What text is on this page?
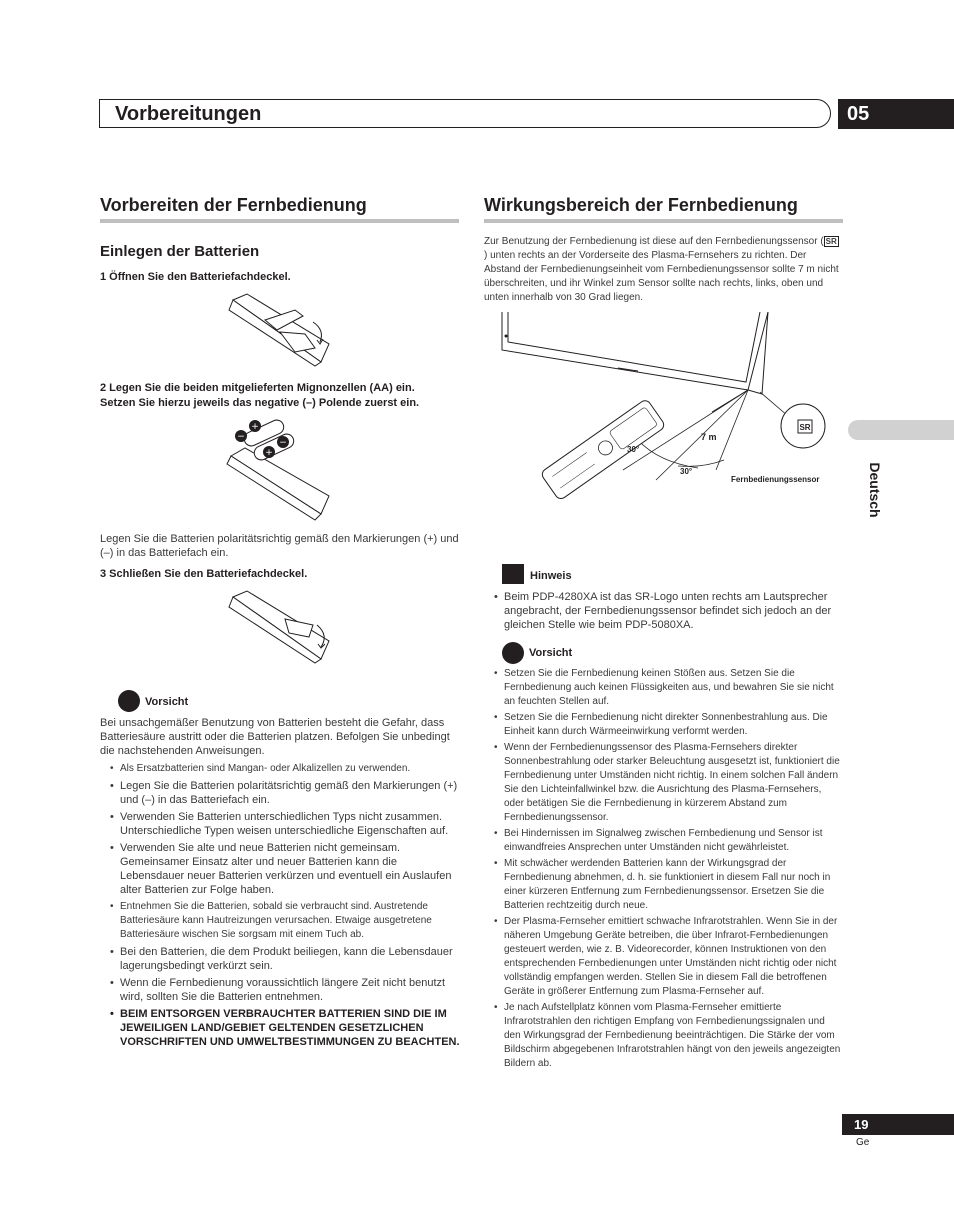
Vorbereitungen	05
Vorbereiten der Fernbedienung
Einlegen der Batterien
1 Öffnen Sie den Batteriefachdeckel.
2 Legen Sie die beiden mitgelieferten Mignonzellen (AA) ein.
Setzen Sie hierzu jeweils das negative (–) Polende zuerst ein.
−
+
−
+
Legen Sie die Batterien polaritätsrichtig gemäß den Markierungen (+) und (–) in das Batteriefach ein.
3 Schließen Sie den Batteriefachdeckel.
Vorsicht
Bei unsachgemäßer Benutzung von Batterien besteht die Gefahr, dass Batteriesäure austritt oder die Batterien platzen. Befolgen Sie unbedingt die nachstehenden Anweisungen.
• Als Ersatzbatterien sind Mangan- oder Alkalizellen zu verwenden.
• Legen Sie die Batterien polaritätsrichtig gemäß den Markierungen (+) und (–) in das Batteriefach ein.
• Verwenden Sie Batterien unterschiedlichen Typs nicht zusammen. Unterschiedliche Typen weisen unterschiedliche Eigenschaften auf.
• Verwenden Sie alte und neue Batterien nicht gemeinsam. Gemeinsamer Einsatz alter und neuer Batterien kann die Lebensdauer neuer Batterien verkürzen und eventuell ein Auslaufen alter Batterien zur Folge haben.
• Entnehmen Sie die Batterien, sobald sie verbraucht sind. Austretende Batteriesäure kann Hautreizungen verursachen. Etwaige ausgetretene Batteriesäure wischen Sie sorgsam mit einem Tuch ab.
• Bei den Batterien, die dem Produkt beiliegen, kann die Lebensdauer lagerungsbedingt verkürzt sein.
• Wenn die Fernbedienung voraussichtlich längere Zeit nicht benutzt wird, sollten Sie die Batterien entnehmen.
• BEIM ENTSORGEN VERBRAUCHTER BATTERIEN SIND DIE IM JEWEILIGEN LAND/GEBIET GELTENDEN GESETZLICHEN VORSCHRIFTEN UND UMWELTBESTIMMUNGEN ZU BEACHTEN.
Wirkungsbereich der Fernbedienung
Zur Benutzung der Fernbedienung ist diese auf den Fernbedienungssensor ( SR) unten rechts an der Vorderseite des Plasma-Fernsehers zu richten. Der Abstand der Fernbedienungseinheit vom Fernbedienungssensor sollte 7 m nicht überschreiten, und ihr Winkel zum Sensor sollte nach rechts, links, oben und unten innerhalb von 30 Grad liegen.
SR
30°
30°
7 m
Fernbedienungssensor
Hinweis
• Beim PDP-4280XA ist das SR-Logo unten rechts am Lautsprecher angebracht, der Fernbedienungssensor befindet sich jedoch an der gleichen Stelle wie beim PDP-5080XA.
Vorsicht
• Setzen Sie die Fernbedienung keinen Stößen aus. Setzen Sie die Fernbedienung auch keinen Flüssigkeiten aus, und bewahren Sie sie nicht an feuchten Stellen auf.
• Setzen Sie die Fernbedienung nicht direkter Sonnenbestrahlung aus. Die Einheit kann durch Wärmeeinwirkung verformt werden.
• Wenn der Fernbedienungssensor des Plasma-Fernsehers direkter Sonnenbestrahlung oder starker Beleuchtung ausgesetzt ist, funktioniert die Fernbedienung unter Umständen nicht richtig. In einem solchen Fall ändern Sie den Lichteinfallwinkel bzw. die Ausrichtung des Plasma-Fernsehers, oder betätigen Sie die Fernbedienung in kürzerem Abstand zum Fernbedienungssensor.
• Bei Hindernissen im Signalweg zwischen Fernbedienung und Sensor ist einwandfreies Ansprechen unter Umständen nicht gewährleistet.
• Mit schwächer werdenden Batterien kann der Wirkungsgrad der Fernbedienung abnehmen, d. h. sie funktioniert in diesem Fall nur noch in einer kürzeren Entfernung zum Fernbedienungssensor. Ersetzen Sie die Batterien rechtzeitig durch neue.
• Der Plasma-Fernseher emittiert schwache Infrarotstrahlen. Wenn Sie in der näheren Umgebung Geräte betreiben, die über Infrarot-Fernbedienungen gesteuert werden, wie z. B. Videorecorder, können Instruktionen von den entsprechenden Fernbedienungen unter Umständen nicht richtig oder nicht vollständig empfangen werden. Stellen Sie in diesem Fall die betroffenen Geräte in größerer Entfernung zum Plasma-Fernseher auf.
• Je nach Aufstellplatz können vom Plasma-Fernseher emittierte Infrarotstrahlen den richtigen Empfang von Fernbedienungssignalen und den Wirkungsgrad der Fernbedienung beeinträchtigen. Die Stärke der vom Bildschirm abgegebenen Infrarotstrahlen hängt von den jeweils angezeigten Bildern ab.
Deutsch
19
Ge
